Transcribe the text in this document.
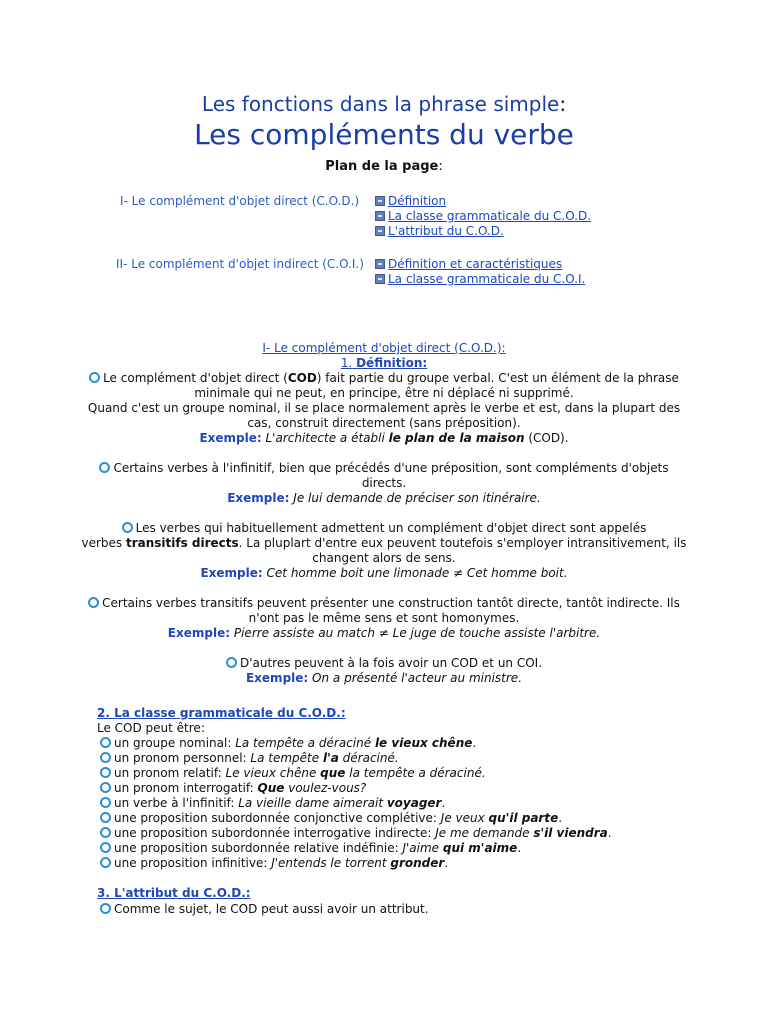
Les fonctions dans la phrase simple:
Les compléments du verbe
Plan de la page:
I- Le complément d'objet direct (C.O.D.)	Définition
La classe grammaticale du C.O.D.
L'attribut du C.O.D.
II- Le complément d'objet indirect (C.O.I.)	Définition et caractéristiques
La classe grammaticale du C.O.I.
I- Le complément d'objet direct (C.O.D.):
1. Définition:
Le complément d'objet direct (COD) fait partie du groupe verbal. C'est un élément de la phrase
minimale qui ne peut, en principe, être ni déplacé ni supprimé.
Quand c'est un groupe nominal, il se place normalement après le verbe et est, dans la plupart des
cas, construit directement (sans préposition).
Exemple: L'architecte a établi le plan de la maison (COD).
Certains verbes à l'infinitif, bien que précédés d'une préposition, sont compléments d'objets
directs.
Exemple: Je lui demande de préciser son itinéraire.
Les verbes qui habituellement admettent un complément d'objet direct sont appelés
verbes transitifs directs. La pluplart d'entre eux peuvent toutefois s'employer intransitivement, ils
changent alors de sens.
Exemple: Cet homme boit une limonade ≠ Cet homme boit.
Certains verbes transitifs peuvent présenter une construction tantôt directe, tantôt indirecte. Ils
n'ont pas le même sens et sont homonymes.
Exemple: Pierre assiste au match ≠ Le juge de touche assiste l'arbitre.
D'autres peuvent à la fois avoir un COD et un COI.
Exemple: On a présenté l'acteur au ministre.
2. La classe grammaticale du C.O.D.:
Le COD peut être:
un groupe nominal: La tempête a déraciné le vieux chêne.
un pronom personnel: La tempête l'a déraciné.
un pronom relatif: Le vieux chêne que la tempête a déraciné.
un pronom interrogatif: Que voulez-vous?
un verbe à l'infinitif: La vieille dame aimerait voyager.
une proposition subordonnée conjonctive complétive: Je veux qu'il parte.
une proposition subordonnée interrogative indirecte: Je me demande s'il viendra.
une proposition subordonnée relative indéfinie: J'aime qui m'aime.
une proposition infinitive: J'entends le torrent gronder.
3. L'attribut du C.O.D.:
Comme le sujet, le COD peut aussi avoir un attribut.
